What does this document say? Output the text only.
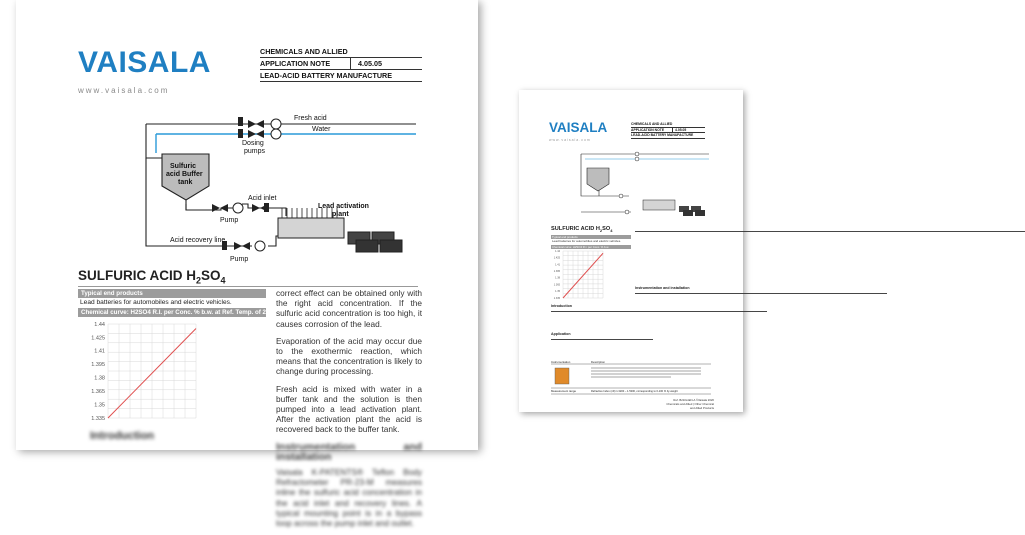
VAISALA
www.vaisala.com
CHEMICALS AND ALLIED
APPLICATION NOTE	4.05.05
LEAD-ACID BATTERY MANUFACTURE
Fresh acid
Water
Dosing
pumps
Sulfuric
acid Buffer
tank
Acid inlet
Pump
Lead activation
plant
Acid recovery line
Pump
SULFURIC ACID $H_2SO_4$
Typical end products
Lead batteries for automobiles and electric vehicles.
Chemical curve: H2SO4 R.I. per Conc. % b.w. at Ref. Temp. of 20°C
1.44
1.425
1.41
1.395
1.38
1.365
1.35
1.335
Introduction

correct effect can be obtained only with the right acid concentration. If the sulfuric acid concentration is too high, it causes corrosion of the lead.

Evaporation of the acid may occur due to the exothermic reaction, which means that the concentration is likely to change during processing.

Fresh acid is mixed with water in a buffer tank and the solution is then pumped into a lead activation plant. After the activation plant the acid is recovered back to the buffer tank.

Instrumentation and installation

Vaisala K-PATENTS® Teflon Body Refractometer PR-23-M measures inline the sulfuric acid concentration in the acid inlet and recovery lines. A typical mounting point is in a bypass loop across the pump inlet and outlet.

VAISALA
www.vaisala.com
CHEMICALS AND ALLIED
APPLICATION NOTE	4.05.05
LEAD-ACID BATTERY MANUFACTURE
SULFURIC ACID $H_2SO_4$
Typical end products
Lead batteries for automobiles and electric vehicles.
Chemical curve: H2SO4 R.I. per Conc. % b.w.
1.44
1.425
1.41
1.395
1.38
1.365
1.35
1.335
Introduction
▬▬▬▬▬▬▬▬▬▬▬▬▬▬▬▬▬▬▬▬▬▬▬▬▬▬▬▬▬▬▬▬▬▬▬▬▬▬▬▬▬▬▬▬▬▬▬▬▬▬▬▬▬▬▬▬▬▬▬▬▬▬▬▬▬▬▬▬▬▬▬▬
Application
▬▬▬▬▬▬▬▬▬▬▬▬▬▬▬▬▬▬▬▬▬▬▬▬▬▬▬▬▬▬▬▬▬▬
▬▬▬▬▬▬▬▬▬▬▬▬▬▬▬▬▬▬▬▬▬▬▬▬▬▬▬▬▬▬▬▬▬▬▬▬▬▬▬▬▬▬▬▬▬▬▬▬▬▬▬▬▬▬▬▬▬▬▬▬▬▬▬▬▬▬▬▬▬▬▬▬▬▬▬▬▬▬▬▬▬▬▬▬▬▬▬▬▬▬▬▬▬▬▬▬▬▬▬▬▬▬▬▬▬▬▬▬▬▬▬▬▬▬▬▬▬▬▬▬▬▬▬▬▬▬▬▬▬▬
Instrumentation and installation
▬▬▬▬▬▬▬▬▬▬▬▬▬▬▬▬▬▬▬▬▬▬▬▬▬▬▬▬▬▬▬▬▬▬▬▬▬▬▬▬▬▬▬▬▬▬▬▬▬▬▬▬▬▬▬▬▬▬▬▬▬▬▬▬▬▬▬▬▬▬▬▬▬▬▬▬▬▬▬▬▬▬▬▬
Instrumentation	Description
Measurement range	Refractive Index (nD) 1.3200 – 1.5300, corresponding to 0-100 % by weight
Ref. B210xxEN-A ©Vaisala 2020
Chemicals and Allied | Other Chemical and Allied Products
